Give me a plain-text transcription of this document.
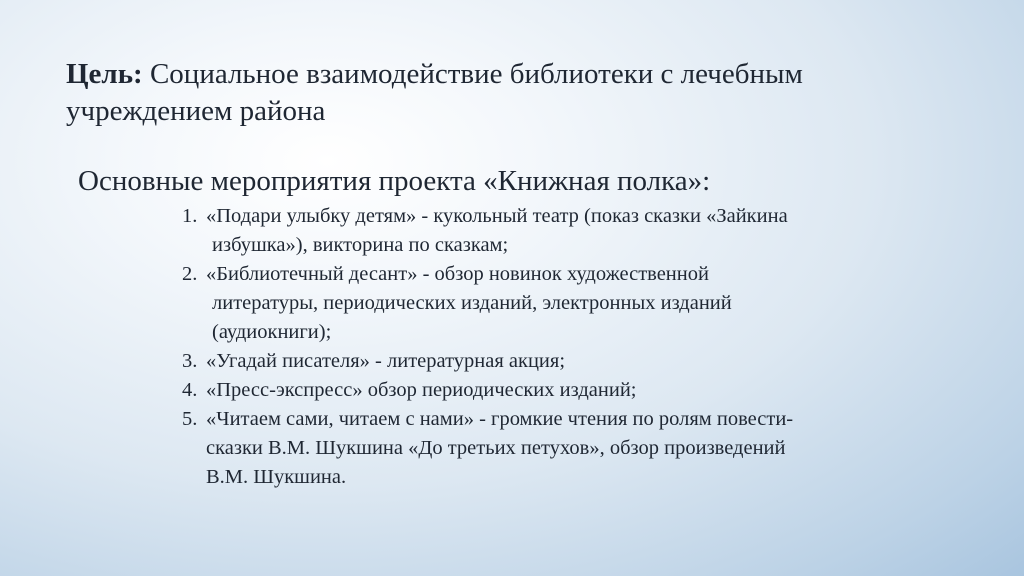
Цель: Социальное взаимодействие библиотеки с лечебным учреждением района
Основные мероприятия проекта «Книжная полка»:
1. «Подари улыбку детям» - кукольный театр (показ сказки «Зайкина
избушка»), викторина по сказкам;
2. «Библиотечный десант» - обзор новинок художественной
литературы, периодических изданий, электронных изданий
(аудиокниги);
3. «Угадай писателя» - литературная акция;
4. «Пресс-экспресс» обзор периодических изданий;
5. «Читаем сами, читаем с нами» - громкие чтения по ролям повести-
сказки В.М. Шукшина «До третьих петухов», обзор произведений
В.М. Шукшина.
